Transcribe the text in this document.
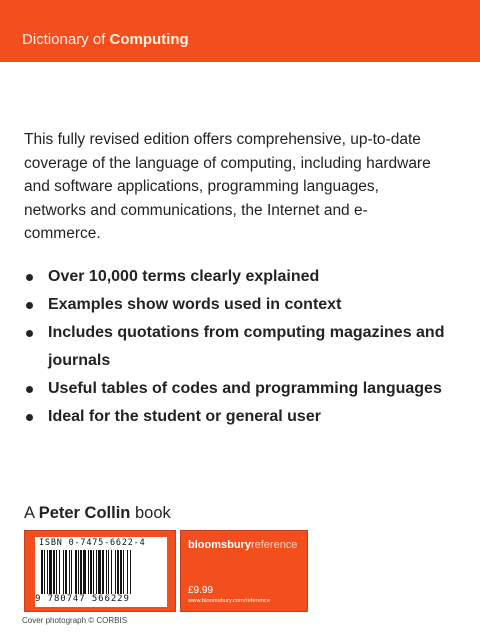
Dictionary of Computing
This fully revised edition offers comprehensive, up-to-date coverage of the language of computing, including hardware and software applications, programming languages, networks and communications, the Internet and e-commerce.
Over 10,000 terms clearly explained
Examples show words used in context
Includes quotations from computing magazines and journals
Useful tables of codes and programming languages
Ideal for the student or general user
A Peter Collin book
ISBN 0-7475-6622-4
9 780747 566229
bloomsburyreference
£9.99
www.bloomsbury.com/reference
Cover photograph © CORBIS
